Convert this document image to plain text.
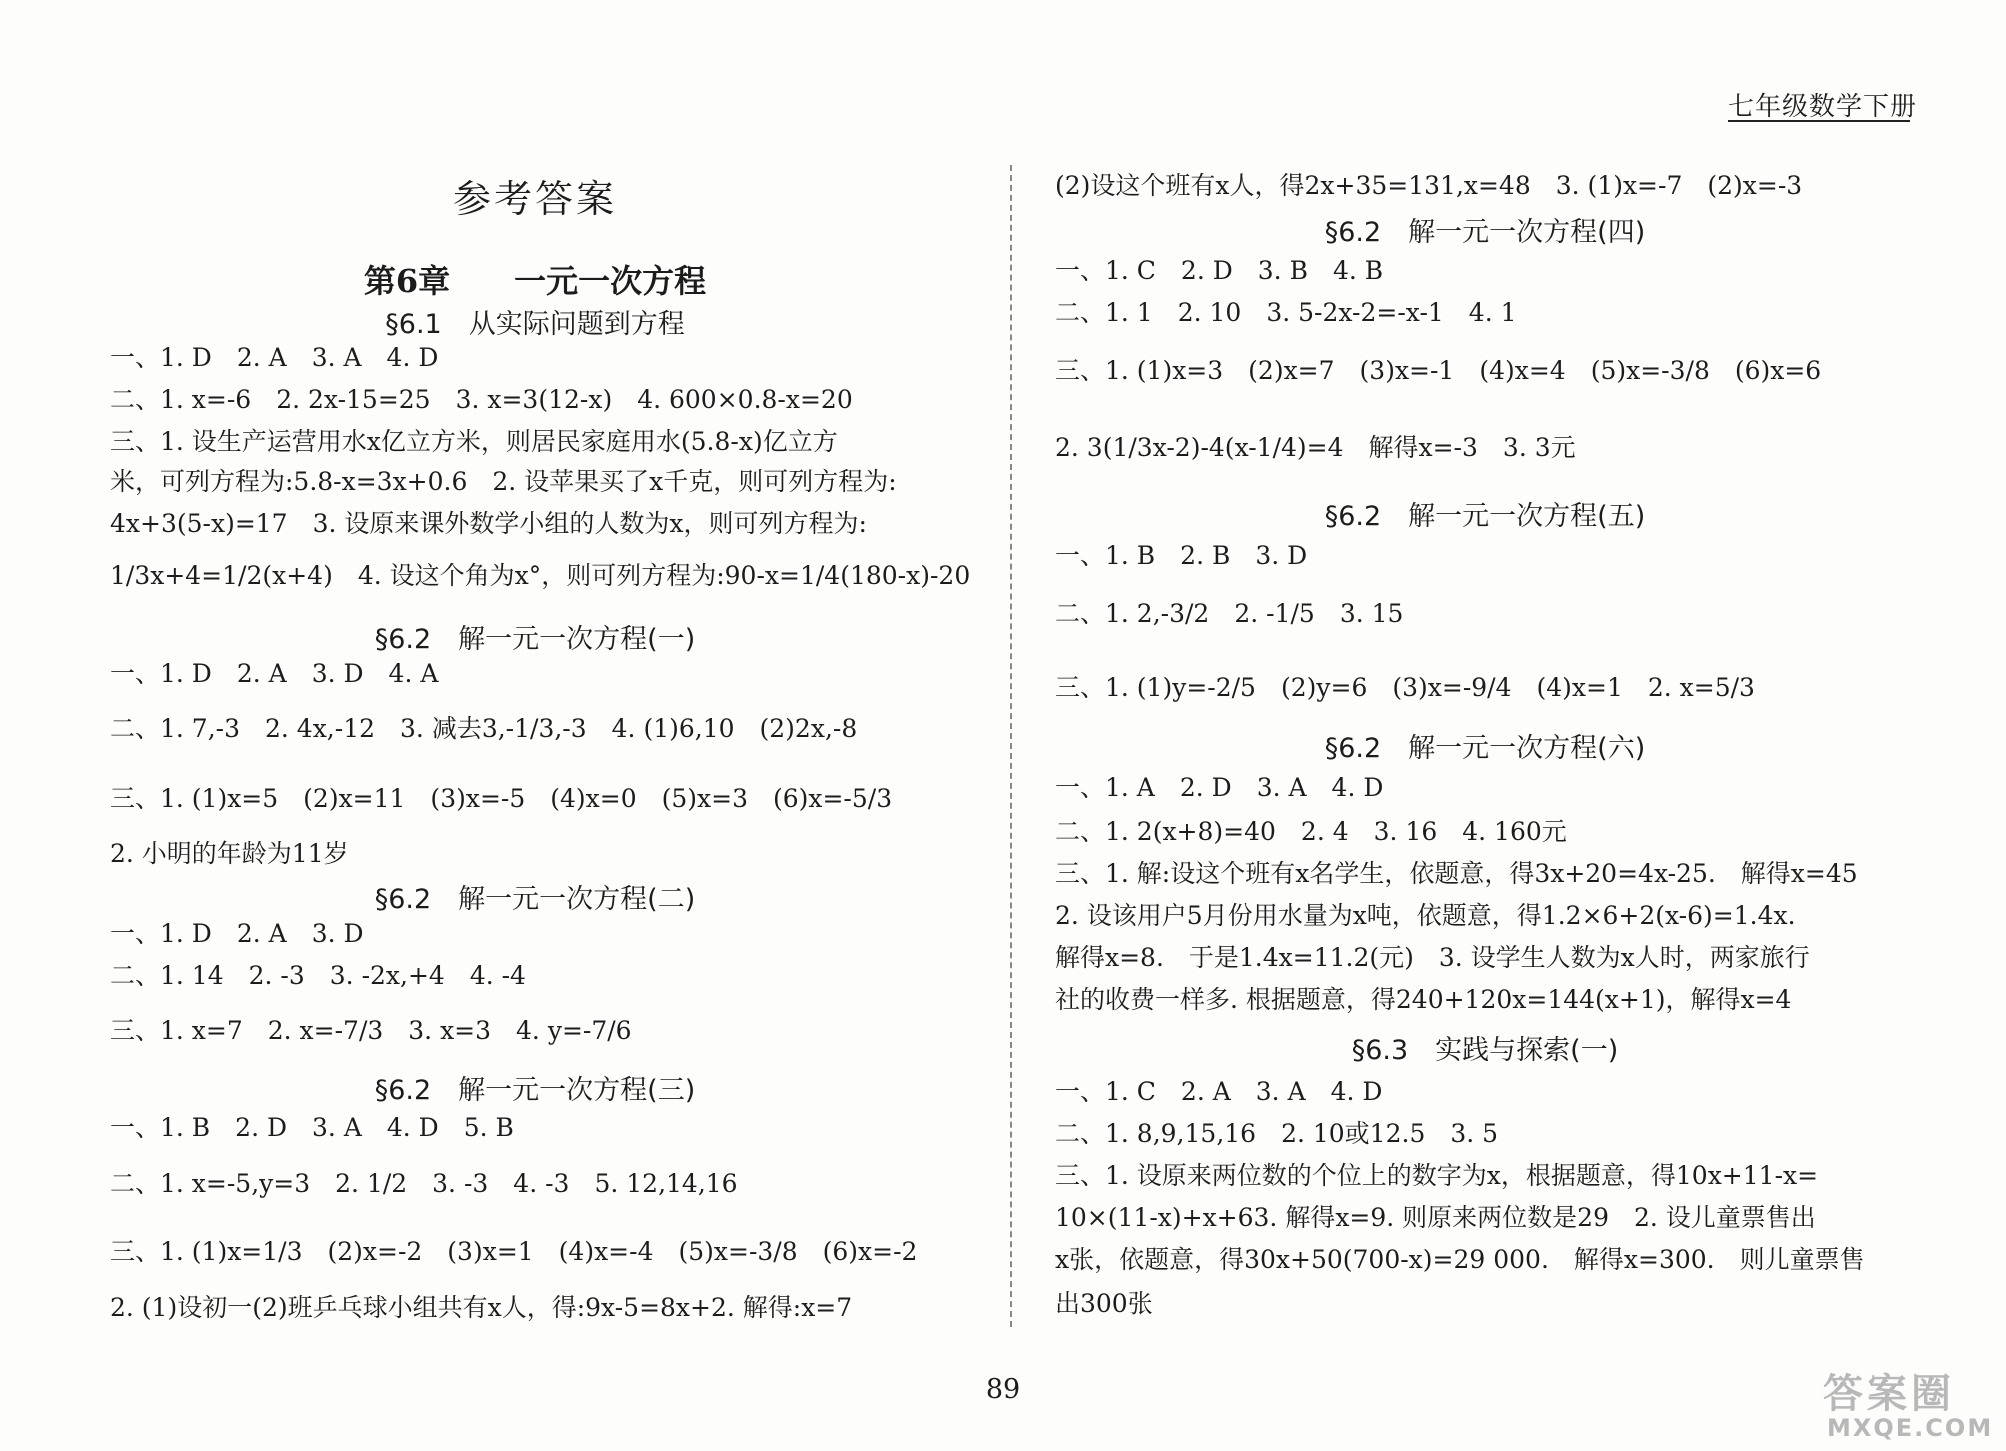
七年级数学下册
参考答案
第6章　　一元一次方程
§6.1　从实际问题到方程
一、1. D　2. A　3. A　4. D
二、1. x=-6　2. 2x-15=25　3. x=3(12-x)　4. 600×0.8-x=20
三、1. 设生产运营用水x亿立方米，则居民家庭用水(5.8-x)亿立方
米，可列方程为:5.8-x=3x+0.6　2. 设苹果买了x千克，则可列方程为:
4x+3(5-x)=17　3. 设原来课外数学小组的人数为x，则可列方程为:
1/3x+4=1/2(x+4)　4. 设这个角为x°，则可列方程为:90-x=1/4(180-x)-20
§6.2　解一元一次方程(一)
一、1. D　2. A　3. D　4. A
二、1. 7,-3　2. 4x,-12　3. 减去3,-1/3,-3　4. (1)6,10　(2)2x,-8
三、1. (1)x=5　(2)x=11　(3)x=-5　(4)x=0　(5)x=3　(6)x=-5/3
2. 小明的年龄为11岁
§6.2　解一元一次方程(二)
一、1. D　2. A　3. D
二、1. 14　2. -3　3. -2x,+4　4. -4
三、1. x=7　2. x=-7/3　3. x=3　4. y=-7/6
§6.2　解一元一次方程(三)
一、1. B　2. D　3. A　4. D　5. B
二、1. x=-5,y=3　2. 1/2　3. -3　4. -3　5. 12,14,16
三、1. (1)x=1/3　(2)x=-2　(3)x=1　(4)x=-4　(5)x=-3/8　(6)x=-2
2. (1)设初一(2)班乒乓球小组共有x人，得:9x-5=8x+2. 解得:x=7
(2)设这个班有x人，得2x+35=131,x=48　3. (1)x=-7　(2)x=-3
§6.2　解一元一次方程(四)
一、1. C　2. D　3. B　4. B
二、1. 1　2. 10　3. 5-2x-2=-x-1　4. 1
三、1. (1)x=3　(2)x=7　(3)x=-1　(4)x=4　(5)x=-3/8　(6)x=6
2. 3(1/3x-2)-4(x-1/4)=4　解得x=-3　3. 3元
§6.2　解一元一次方程(五)
一、1. B　2. B　3. D
二、1. 2,-3/2　2. -1/5　3. 15
三、1. (1)y=-2/5　(2)y=6　(3)x=-9/4　(4)x=1　2. x=5/3
§6.2　解一元一次方程(六)
一、1. A　2. D　3. A　4. D
二、1. 2(x+8)=40　2. 4　3. 16　4. 160元
三、1. 解:设这个班有x名学生，依题意，得3x+20=4x-25.　解得x=45
2. 设该用户5月份用水量为x吨，依题意，得1.2×6+2(x-6)=1.4x.
解得x=8.　于是1.4x=11.2(元)　3. 设学生人数为x人时，两家旅行
社的收费一样多. 根据题意，得240+120x=144(x+1)，解得x=4
§6.3　实践与探索(一)
一、1. C　2. A　3. A　4. D
二、1. 8,9,15,16　2. 10或12.5　3. 5
三、1. 设原来两位数的个位上的数字为x，根据题意，得10x+11-x=
10×(11-x)+x+63. 解得x=9. 则原来两位数是29　2. 设儿童票售出
x张，依题意，得30x+50(700-x)=29 000.　解得x=300.　则儿童票售
出300张
89	答案圈
MXQE.COM
